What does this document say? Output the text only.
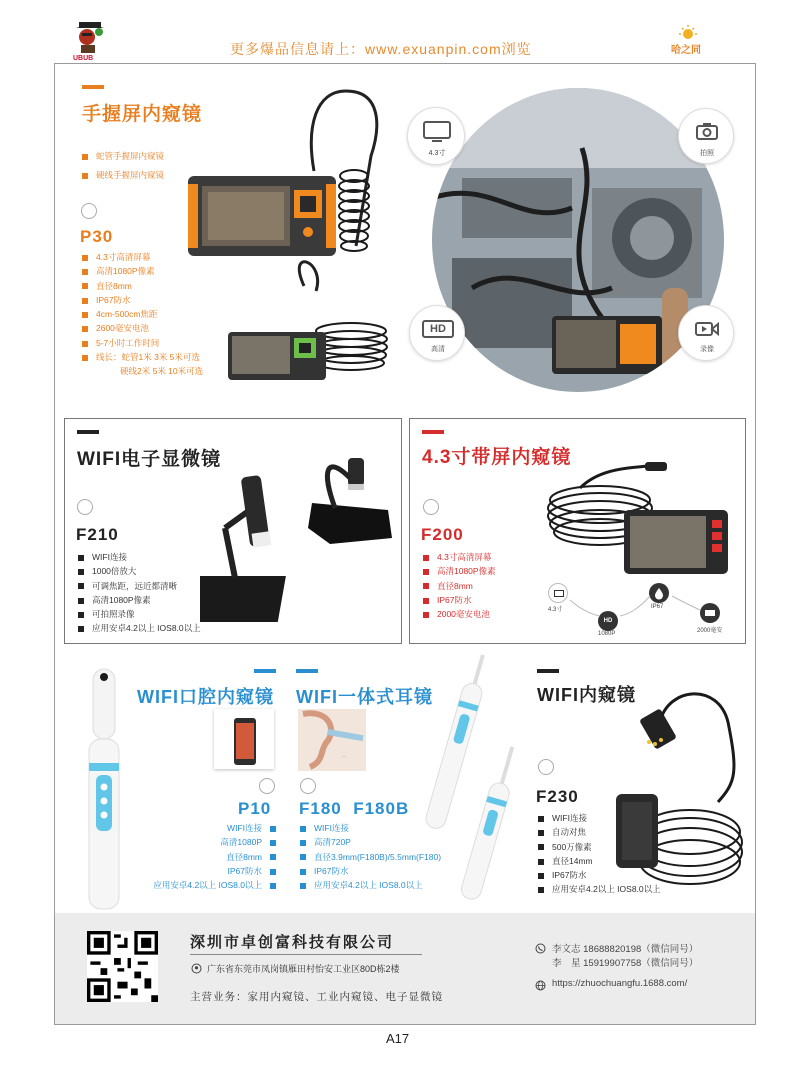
UBUB
更多爆品信息请上：www.exuanpin.com浏览	哈之同
手握屏内窥镜
蛇管手握屏内窥镜
硬线手握屏内窥镜
P30
4.3寸高清屏幕
高清1080P像素
直径8mm
IP67防水
4cm-500cm焦距
2600毫安电池
5-7小时工作时间
线长：蛇管1米 3米 5米可选
硬线2米 5米 10米可选
4.3寸	拍照
HD
高清	录像
WIFI电子显微镜
F210
WIFI连接
1000倍放大
可调焦距，远近都清晰
高清1080P像素
可拍照录像
应用安卓4.2以上 IOS8.0以上
4.3寸带屏内窥镜
F200
4.3寸高清屏幕
高清1080P像素
直径8mm
IP67防水
2000毫安电池	4.3寸
HD
1080P
IP67
2000毫安
WIFI口腔内窥镜
P10
WIFI连接
高清1080P
直径8mm
IP67防水
应用安卓4.2以上 IOS8.0以上
WIFI一体式耳镜
…
F180  F180B
WIFI连接
高清720P
直径3.9mm(F180B)/5.5mm(F180)
IP67防水
应用安卓4.2以上 IOS8.0以上
WIFI内窥镜
F230
WIFI连接
自动对焦
500万像素
直径14mm
IP67防水
应用安卓4.2以上 IOS8.0以上
深圳市卓创富科技有限公司
广东省东莞市凤岗镇雁田村怡安工业区80D栋2楼
主营业务：家用内窥镜、工业内窥镜、电子显微镜
李文志 18688820198（微信同号）
李　星 15919907758（微信同号）
https://zhuochuangfu.1688.com/
A17
